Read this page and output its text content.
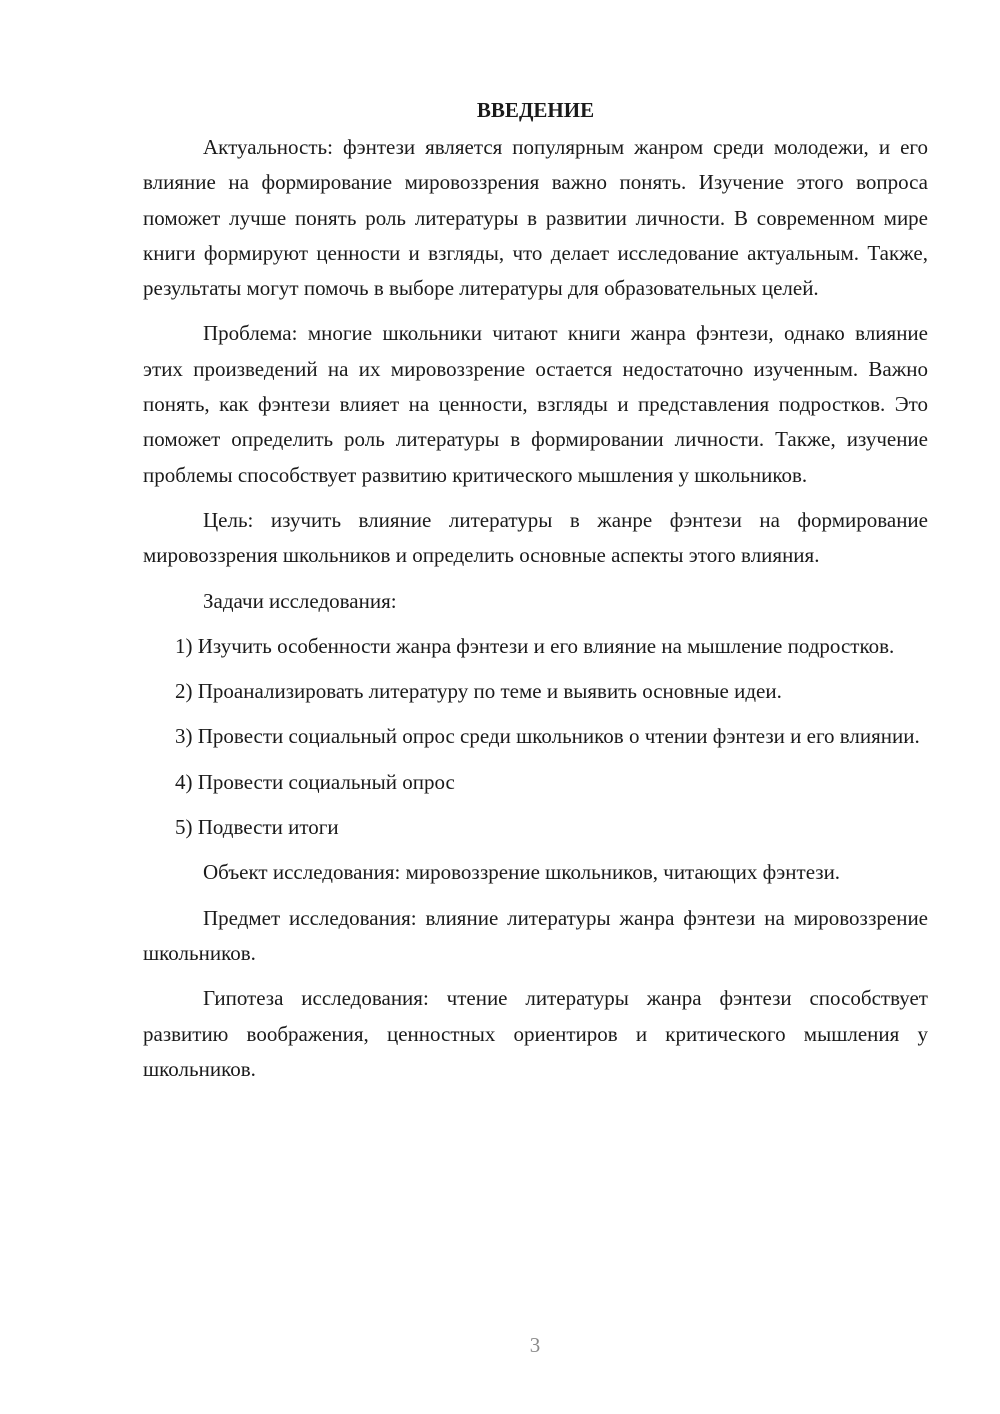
ВВЕДЕНИЕ

Актуальность: фэнтези является популярным жанром среди молодежи, и его влияние на формирование мировоззрения важно понять. Изучение этого вопроса поможет лучше понять роль литературы в развитии личности. В современном мире книги формируют ценности и взгляды, что делает исследование актуальным. Также, результаты могут помочь в выборе литературы для образовательных целей.

Проблема: многие школьники читают книги жанра фэнтези, однако влияние этих произведений на их мировоззрение остается недостаточно изученным. Важно понять, как фэнтези влияет на ценности, взгляды и представления подростков. Это поможет определить роль литературы в формировании личности. Также, изучение проблемы способствует развитию критического мышления у школьников.

Цель: изучить влияние литературы в жанре фэнтези на формирование мировоззрения школьников и определить основные аспекты этого влияния.

Задачи исследования:

1) Изучить особенности жанра фэнтези и его влияние на мышление подростков.

2) Проанализировать литературу по теме и выявить основные идеи.

3) Провести социальный опрос среди школьников о чтении фэнтези и его влиянии.

4) Провести социальный опрос

5) Подвести итоги

Объект исследования: мировоззрение школьников, читающих фэнтези.

Предмет исследования: влияние литературы жанра фэнтези на мировоззрение школьников.

Гипотеза исследования: чтение литературы жанра фэнтези способствует развитию воображения, ценностных ориентиров и критического мышления у школьников.

3
